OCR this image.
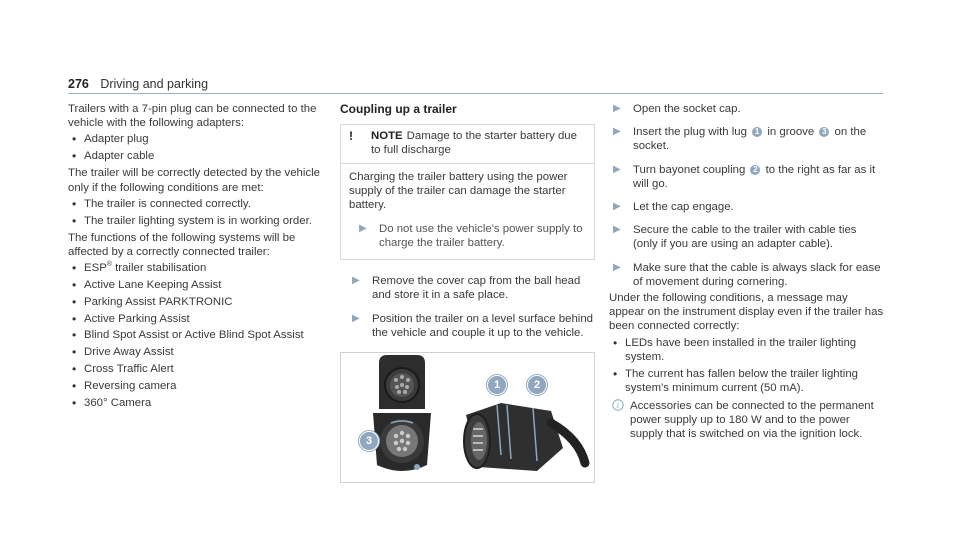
276 Driving and parking

Trailers with a 7-pin plug can be connected to the vehicle with the following adapters:

• Adapter plug
• Adapter cable

The trailer will be correctly detected by the vehicle only if the following conditions are met:

• The trailer is connected correctly.
• The trailer lighting system is in working order.

The functions of the following systems will be affected by a correctly connected trailer:

• ESP® trailer stabilisation
• Active Lane Keeping Assist
• Parking Assist PARKTRONIC
• Active Parking Assist
• Blind Spot Assist or Active Blind Spot Assist
• Drive Away Assist
• Cross Traffic Alert
• Reversing camera
• 360° Camera
Coupling up a trailer
!	NOTE Damage to the starter battery due to full discharge

Charging the trailer battery using the power supply of the trailer can damage the starter battery.

▶	Do not use the vehicle's power supply to charge the trailer battery.
▶	Remove the cover cap from the ball head and store it in a safe place.
▶	Position the trailer on a level surface behind the vehicle and couple it up to the vehicle.
1	2
3
▶	Open the socket cap.
▶	Insert the plug with lug 1 in groove 3 on the socket.
▶	Turn bayonet coupling 2 to the right as far as it will go.
▶	Let the cap engage.
▶	Secure the cable to the trailer with cable ties (only if you are using an adapter cable).
▶	Make sure that the cable is always slack for ease of movement during cornering.

Under the following conditions, a message may appear on the instrument display even if the trailer has been connected correctly:

• LEDs have been installed in the trailer lighting system.
• The current has fallen below the trailer lighting system's minimum current (50 mA).
i Accessories can be connected to the permanent power supply up to 180 W and to the power supply that is switched on via the ignition lock.
